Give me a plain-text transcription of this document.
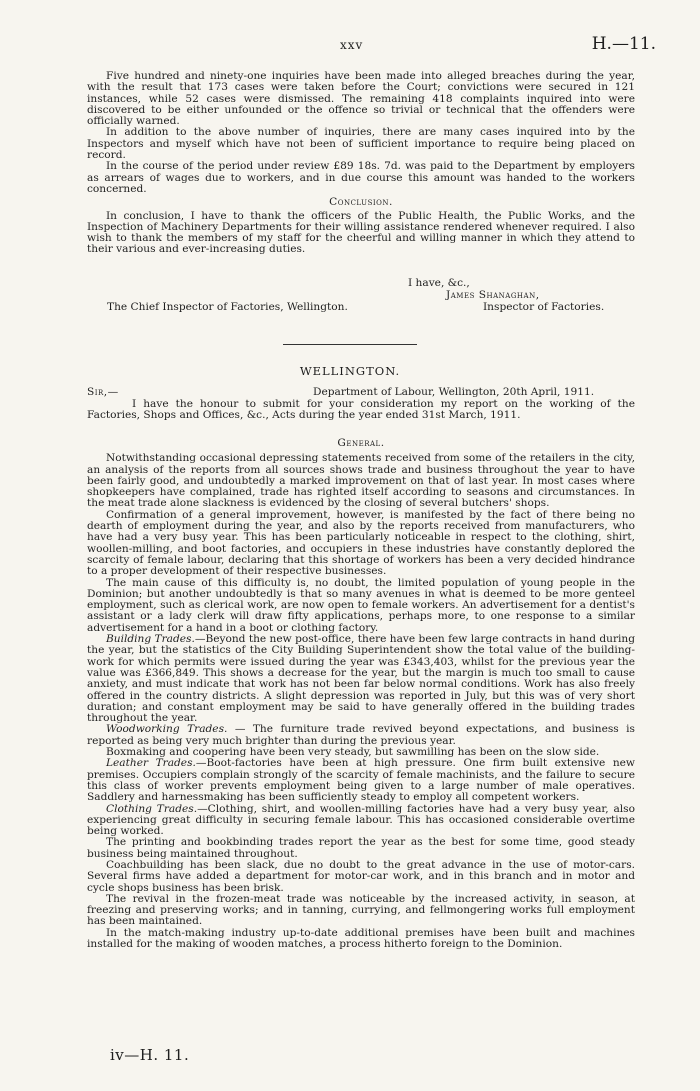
xxv	H.—11.

Five hundred and ninety-one inquiries have been made into alleged breaches during the year, with the result that 173 cases were taken before the Court; convictions were secured in 121 instances, while 52 cases were dismissed. The remaining 418 complaints inquired into were discovered to be either unfounded or the offence so trivial or technical that the offenders were officially warned.

In addition to the above number of inquiries, there are many cases inquired into by the Inspectors and myself which have not been of sufficient importance to require being placed on record.

In the course of the period under review £89 18s. 7d. was paid to the Department by employers as arrears of wages due to workers, and in due course this amount was handed to the workers concerned.

Conclusion.

In conclusion, I have to thank the officers of the Public Health, the Public Works, and the Inspection of Machinery Departments for their willing assistance rendered whenever required. I also wish to thank the members of my staff for the cheerful and willing manner in which they attend to their various and ever-increasing duties.

I have, &c.,
James Shanaghan,
Inspector of Factories.
The Chief Inspector of Factories, Wellington.
WELLINGTON.
Sir,—	Department of Labour, Wellington, 20th April, 1911.

I have the honour to submit for your consideration my report on the working of the Factories, Shops and Offices, &c., Acts during the year ended 31st March, 1911.

General.

Notwithstanding occasional depressing statements received from some of the retailers in the city, an analysis of the reports from all sources shows trade and business throughout the year to have been fairly good, and undoubtedly a marked improvement on that of last year. In most cases where shopkeepers have complained, trade has righted itself according to seasons and circumstances. In the meat trade alone slackness is evidenced by the closing of several butchers' shops.

Confirmation of a general improvement, however, is manifested by the fact of there being no dearth of employment during the year, and also by the reports received from manufacturers, who have had a very busy year. This has been particularly noticeable in respect to the clothing, shirt, woollen-milling, and boot factories, and occupiers in these industries have constantly deplored the scarcity of female labour, declaring that this shortage of workers has been a very decided hindrance to a proper development of their respective businesses.

The main cause of this difficulty is, no doubt, the limited population of young people in the Dominion; but another undoubtedly is that so many avenues in what is deemed to be more genteel employment, such as clerical work, are now open to female workers. An advertisement for a dentist's assistant or a lady clerk will draw fifty applications, perhaps more, to one response to a similar advertisement for a hand in a boot or clothing factory.

Building Trades.—Beyond the new post-office, there have been few large contracts in hand during the year, but the statistics of the City Building Superintendent show the total value of the building-work for which permits were issued during the year was £343,403, whilst for the previous year the value was £366,849. This shows a decrease for the year, but the margin is much too small to cause anxiety, and must indicate that work has not been far below normal conditions. Work has also freely offered in the country districts. A slight depression was reported in July, but this was of very short duration; and constant employment may be said to have generally offered in the building trades throughout the year.

Woodworking Trades. — The furniture trade revived beyond expectations, and business is reported as being very much brighter than during the previous year.

Boxmaking and coopering have been very steady, but sawmilling has been on the slow side.

Leather Trades.—Boot-factories have been at high pressure. One firm built extensive new premises. Occupiers complain strongly of the scarcity of female machinists, and the failure to secure this class of worker prevents employment being given to a large number of male operatives. Saddlery and harnessmaking has been sufficiently steady to employ all competent workers.

Clothing Trades.—Clothing, shirt, and woollen-milling factories have had a very busy year, also experiencing great difficulty in securing female labour. This has occasioned considerable overtime being worked.

The printing and bookbinding trades report the year as the best for some time, good steady business being maintained throughout.

Coachbuilding has been slack, due no doubt to the great advance in the use of motor-cars. Several firms have added a department for motor-car work, and in this branch and in motor and cycle shops business has been brisk.

The revival in the frozen-meat trade was noticeable by the increased activity, in season, at freezing and preserving works; and in tanning, currying, and fellmongering works full employment has been maintained.

In the match-making industry up-to-date additional premises have been built and machines installed for the making of wooden matches, a process hitherto foreign to the Dominion.

iv—H. 11.
